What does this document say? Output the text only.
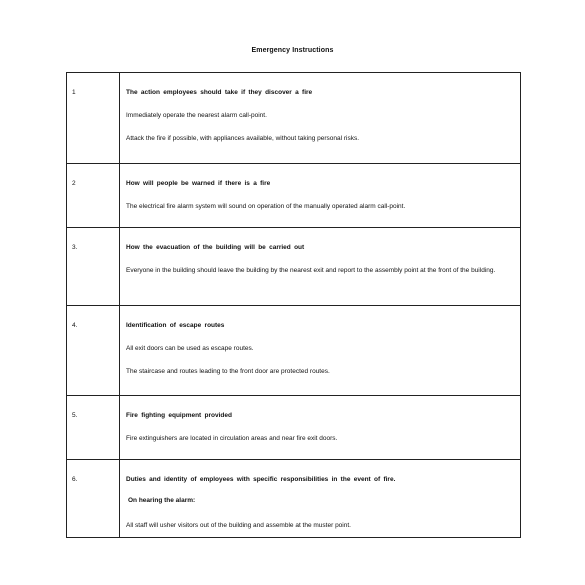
Emergency Instructions
1	The action employees should take if they discover a fire
Immediately operate the nearest alarm call-point.
Attack the fire if possible, with appliances available, without taking personal risks.

2	How will people be warned if there is a fire
The electrical fire alarm system will sound on operation of the manually operated alarm call-point.

3.	How the evacuation of the building will be carried out
Everyone in the building should leave the building by the nearest exit and report to the assembly point at the front of the building.

4.	Identification of escape routes
All exit doors can be used as escape routes.
The staircase and routes leading to the front door are protected routes.

5.	Fire fighting equipment provided
Fire extinguishers are located in circulation areas and near fire exit doors.

6.	Duties and identity of employees with specific responsibilities in the event of fire.
On hearing the alarm:
All staff will usher visitors out of the building and assemble at the muster point.
